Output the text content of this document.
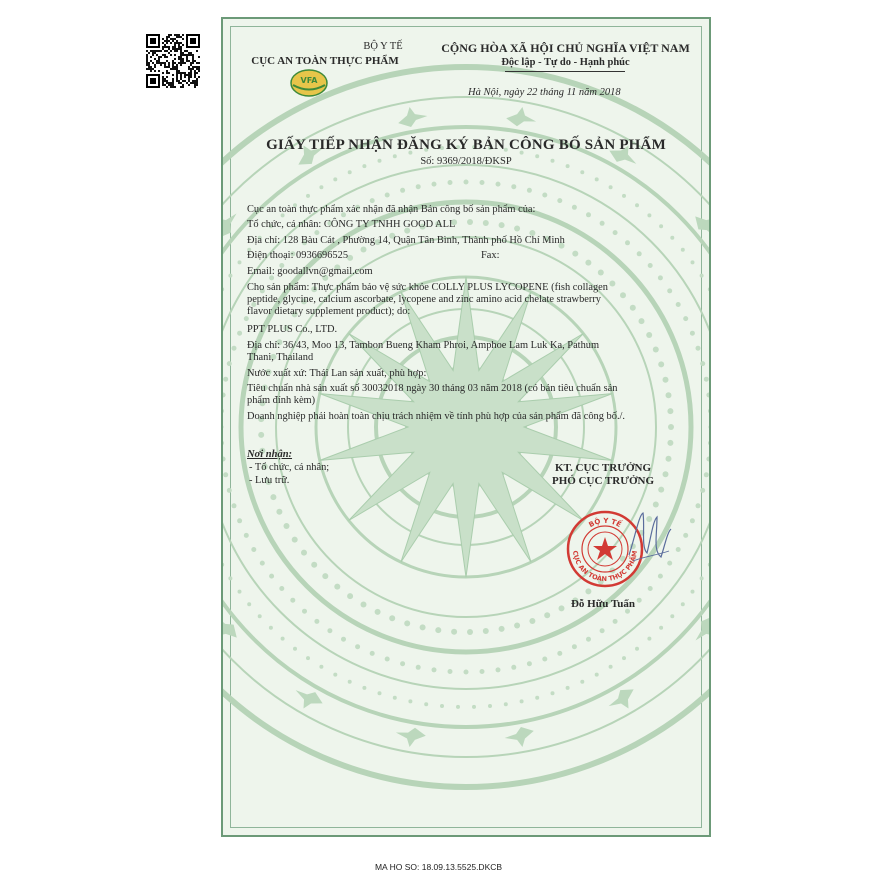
BỘ Y TẾ
CỤC AN TOÀN THỰC PHẨM
VFA
CỘNG HÒA XÃ HỘI CHỦ NGHĨA VIỆT NAM
Độc lập - Tự do - Hạnh phúc
Hà Nội, ngày 22 tháng 11 năm 2018
GIẤY TIẾP NHẬN ĐĂNG KÝ BẢN CÔNG BỐ SẢN PHẨM
Số: 9369/2018/ĐKSP
Cục an toàn thực phẩm xác nhận đã nhận Bản công bố sản phẩm của:
Tổ chức, cá nhân: CÔNG TY TNHH GOOD ALL
Địa chỉ: 128 Bàu Cát , Phường 14, Quận Tân Bình, Thành phố Hồ Chí Minh
Điện thoại: 0936696525	Fax:
Email: goodallvn@gmail.com
Cho sản phẩm: Thực phẩm bảo vệ sức khỏe COLLY PLUS LYCOPENE (fish collagen
peptide, glycine, calcium ascorbate, lycopene and zinc amino acid chelate strawberry
flavor dietary supplement product); do:
PPT PLUS Co., LTD.
Địa chỉ: 36/43, Moo 13, Tambon Bueng Kham Phroi, Amphoe Lam Luk Ka, Pathum
Thani, Thailand
Nước xuất xứ: Thái Lan sản xuất, phù hợp:
Tiêu chuẩn nhà sản xuất số 30032018 ngày 30 tháng 03 năm 2018 (có bản tiêu chuẩn sản
phẩm đính kèm)
Doanh nghiệp phải hoàn toàn chịu trách nhiệm về tính phù hợp của sản phẩm đã công bố./.
Nơi nhận:
- Tổ chức, cá nhân;
- Lưu trữ.
KT. CỤC TRƯỞNG
PHÓ CỤC TRƯỞNG
BỘ Y TẾ
CỤC AN TOÀN THỰC PHẨM
Đỗ Hữu Tuấn
MA HO SO: 18.09.13.5525.DKCB
